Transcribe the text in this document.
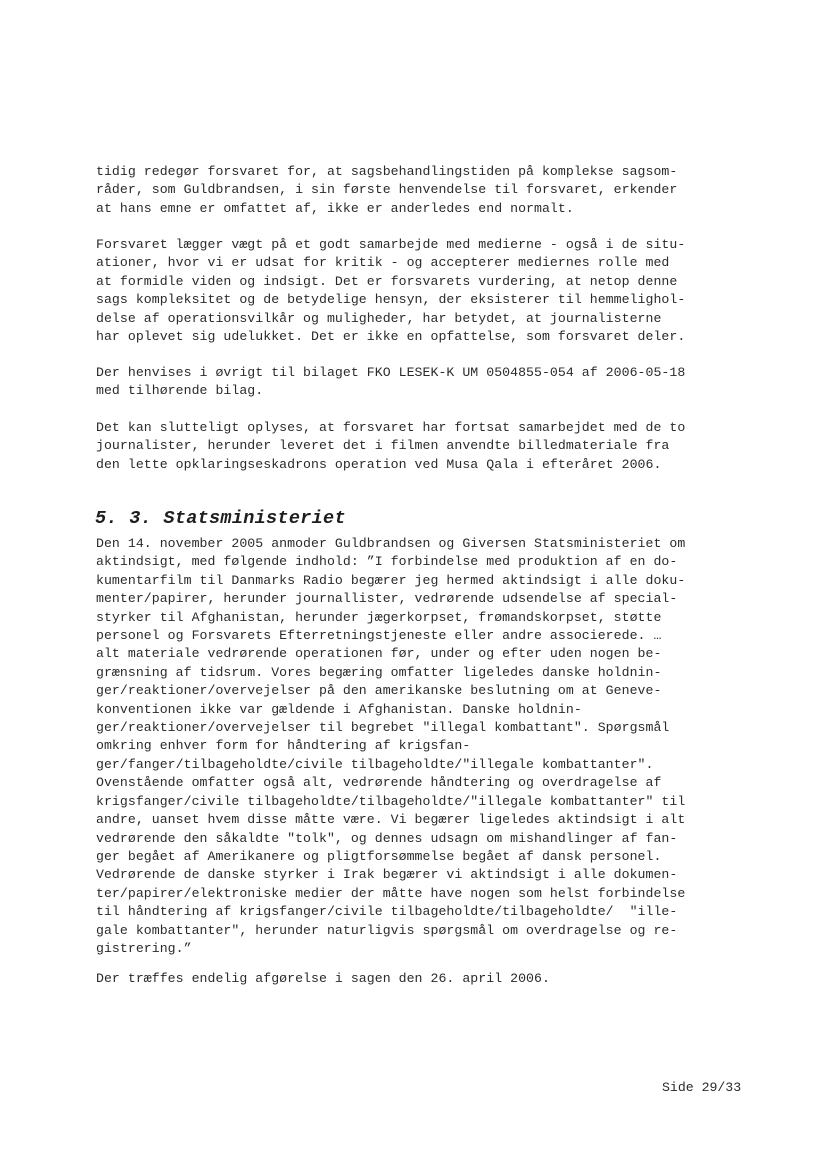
tidig redegør forsvaret for, at sagsbehandlingstiden på komplekse sagsom-
råder, som Guldbrandsen, i sin første henvendelse til forsvaret, erkender
at hans emne er omfattet af, ikke er anderledes end normalt.

Forsvaret lægger vægt på et godt samarbejde med medierne - også i de situ-
ationer, hvor vi er udsat for kritik - og accepterer mediernes rolle med
at formidle viden og indsigt. Det er forsvarets vurdering, at netop denne
sags kompleksitet og de betydelige hensyn, der eksisterer til hemmelighol-
delse af operationsvilkår og muligheder, har betydet, at journalisterne
har oplevet sig udelukket. Det er ikke en opfattelse, som forsvaret deler.

Der henvises i øvrigt til bilaget FKO LESEK-K UM 0504855-054 af 2006-05-18
med tilhørende bilag.

Det kan slutteligt oplyses, at forsvaret har fortsat samarbejdet med de to
journalister, herunder leveret det i filmen anvendte billedmateriale fra
den lette opklaringseskadrons operation ved Musa Qala i efteråret 2006.

5. 3. Statsministeriet

Den 14. november 2005 anmoder Guldbrandsen og Giversen Statsministeriet om
aktindsigt, med følgende indhold: ”I forbindelse med produktion af en do-
kumentarfilm til Danmarks Radio begærer jeg hermed aktindsigt i alle doku-
menter/papirer, herunder journallister, vedrørende udsendelse af special-
styrker til Afghanistan, herunder jægerkorpset, frømandskorpset, støtte
personel og Forsvarets Efterretningstjeneste eller andre associerede. …
alt materiale vedrørende operationen før, under og efter uden nogen be-
grænsning af tidsrum. Vores begæring omfatter ligeledes danske holdnin-
ger/reaktioner/overvejelser på den amerikanske beslutning om at Geneve-
konventionen ikke var gældende i Afghanistan. Danske holdnin-
ger/reaktioner/overvejelser til begrebet "illegal kombattant". Spørgsmål
omkring enhver form for håndtering af krigsfan-
ger/fanger/tilbageholdte/civile tilbageholdte/"illegale kombattanter".
Ovenstående omfatter også alt, vedrørende håndtering og overdragelse af
krigsfanger/civile tilbageholdte/tilbageholdte/"illegale kombattanter" til
andre, uanset hvem disse måtte være. Vi begærer ligeledes aktindsigt i alt
vedrørende den såkaldte "tolk", og dennes udsagn om mishandlinger af fan-
ger begået af Amerikanere og pligtforsømmelse begået af dansk personel.
Vedrørende de danske styrker i Irak begærer vi aktindsigt i alle dokumen-
ter/papirer/elektroniske medier der måtte have nogen som helst forbindelse
til håndtering af krigsfanger/civile tilbageholdte/tilbageholdte/  "ille-
gale kombattanter", herunder naturligvis spørgsmål om overdragelse og re-
gistrering.”

Der træffes endelig afgørelse i sagen den 26. april 2006.

Side 29/33
